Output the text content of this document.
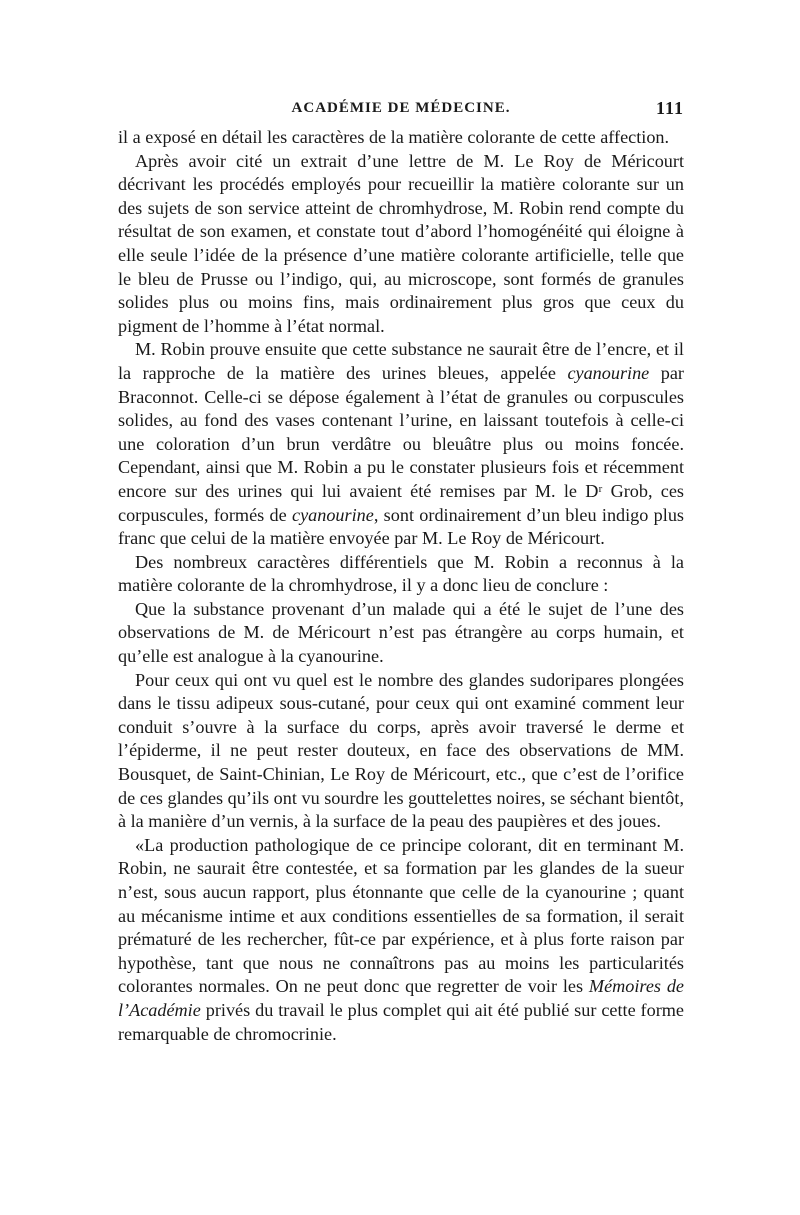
ACADÉMIE DE MÉDECINE.	111

il a exposé en détail les caractères de la matière colorante de cette affection.

Après avoir cité un extrait d’une lettre de M. Le Roy de Méricourt décrivant les procédés employés pour recueillir la matière colorante sur un des sujets de son service atteint de chromhydrose, M. Robin rend compte du résultat de son examen, et constate tout d’abord l’homogénéité qui éloigne à elle seule l’idée de la présence d’une matière colorante artificielle, telle que le bleu de Prusse ou l’indigo, qui, au microscope, sont formés de granules solides plus ou moins fins, mais ordinairement plus gros que ceux du pigment de l’homme à l’état normal.

M. Robin prouve ensuite que cette substance ne saurait être de l’encre, et il la rapproche de la matière des urines bleues, appelée cyanourine par Braconnot. Celle-ci se dépose également à l’état de granules ou corpuscules solides, au fond des vases contenant l’urine, en laissant toutefois à celle-ci une coloration d’un brun verdâtre ou bleuâtre plus ou moins foncée. Cependant, ainsi que M. Robin a pu le constater plusieurs fois et récemment encore sur des urines qui lui avaient été remises par M. le Dʳ Grob, ces corpuscules, formés de cyanourine, sont ordinairement d’un bleu indigo plus franc que celui de la matière envoyée par M. Le Roy de Méricourt.

Des nombreux caractères différentiels que M. Robin a reconnus à la matière colorante de la chromhydrose, il y a donc lieu de conclure :

Que la substance provenant d’un malade qui a été le sujet de l’une des observations de M. de Méricourt n’est pas étrangère au corps humain, et qu’elle est analogue à la cyanourine.

Pour ceux qui ont vu quel est le nombre des glandes sudoripares plongées dans le tissu adipeux sous-cutané, pour ceux qui ont examiné comment leur conduit s’ouvre à la surface du corps, après avoir traversé le derme et l’épiderme, il ne peut rester douteux, en face des observations de MM. Bousquet, de Saint-Chinian, Le Roy de Méricourt, etc., que c’est de l’orifice de ces glandes qu’ils ont vu sourdre les gouttelettes noires, se séchant bientôt, à la manière d’un vernis, à la surface de la peau des paupières et des joues.

«La production pathologique de ce principe colorant, dit en terminant M. Robin, ne saurait être contestée, et sa formation par les glandes de la sueur n’est, sous aucun rapport, plus étonnante que celle de la cyanourine ; quant au mécanisme intime et aux conditions essentielles de sa formation, il serait prématuré de les rechercher, fût-ce par expérience, et à plus forte raison par hypothèse, tant que nous ne connaîtrons pas au moins les particularités colorantes normales. On ne peut donc que regretter de voir les Mémoires de l’Académie privés du travail le plus complet qui ait été publié sur cette forme remarquable de chromocrinie.
